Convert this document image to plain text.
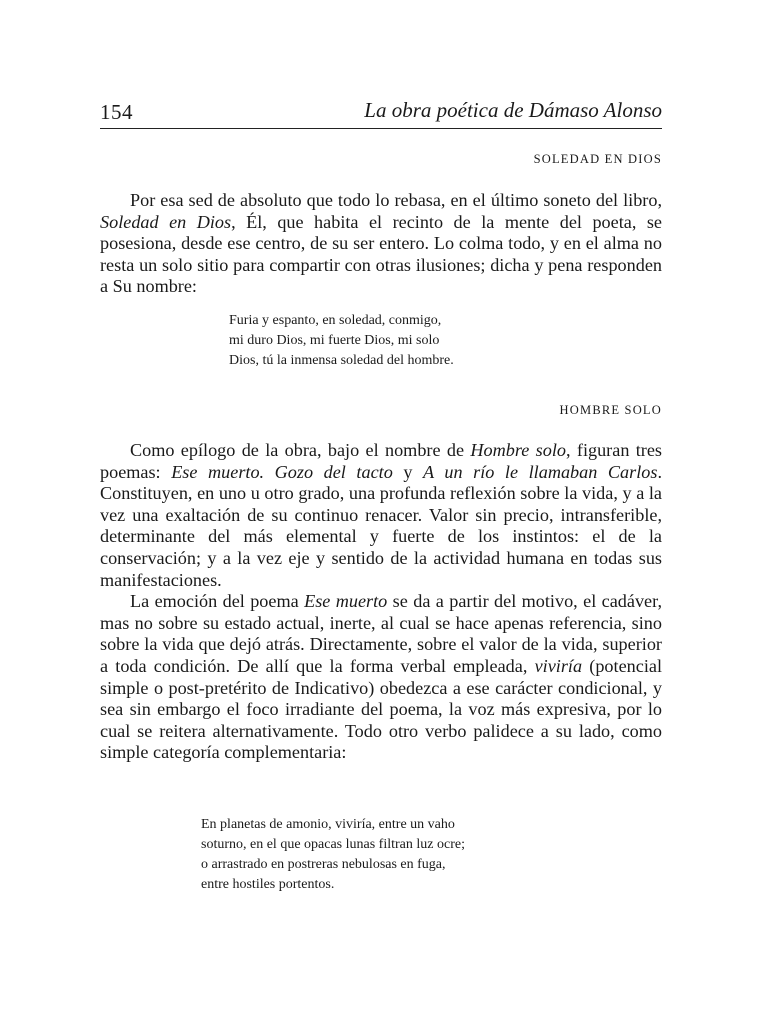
154	La obra poética de Dámaso Alonso
SOLEDAD EN DIOS

Por esa sed de absoluto que todo lo rebasa, en el último soneto del libro, Soledad en Dios, Él, que habita el recinto de la mente del poeta, se posesiona, desde ese centro, de su ser entero. Lo colma todo, y en el alma no resta un solo sitio para compartir con otras ilusiones; dicha y pena responden a Su nombre:

Furia y espanto, en soledad, conmigo,
mi duro Dios, mi fuerte Dios, mi solo
Dios, tú la inmensa soledad del hombre.
HOMBRE SOLO

Como epílogo de la obra, bajo el nombre de Hombre solo, figuran tres poemas: Ese muerto. Gozo del tacto y A un río le llamaban Carlos. Constituyen, en uno u otro grado, una profunda reflexión sobre la vida, y a la vez una exaltación de su continuo renacer. Valor sin precio, intransferible, determinante del más elemental y fuerte de los instintos: el de la conservación; y a la vez eje y sentido de la actividad humana en todas sus manifestaciones.

La emoción del poema Ese muerto se da a partir del motivo, el cadáver, mas no sobre su estado actual, inerte, al cual se hace apenas referencia, sino sobre la vida que dejó atrás. Directamente, sobre el valor de la vida, superior a toda condición. De allí que la forma verbal empleada, viviría (potencial simple o post-pretérito de Indicativo) obedezca a ese carácter condicional, y sea sin embargo el foco irradiante del poema, la voz más expresiva, por lo cual se reitera alternativamente. Todo otro verbo palidece a su lado, como simple categoría complementaria:

En planetas de amonio, viviría, entre un vaho
soturno, en el que opacas lunas filtran luz ocre;
o arrastrado en postreras nebulosas en fuga,
entre hostiles portentos.
